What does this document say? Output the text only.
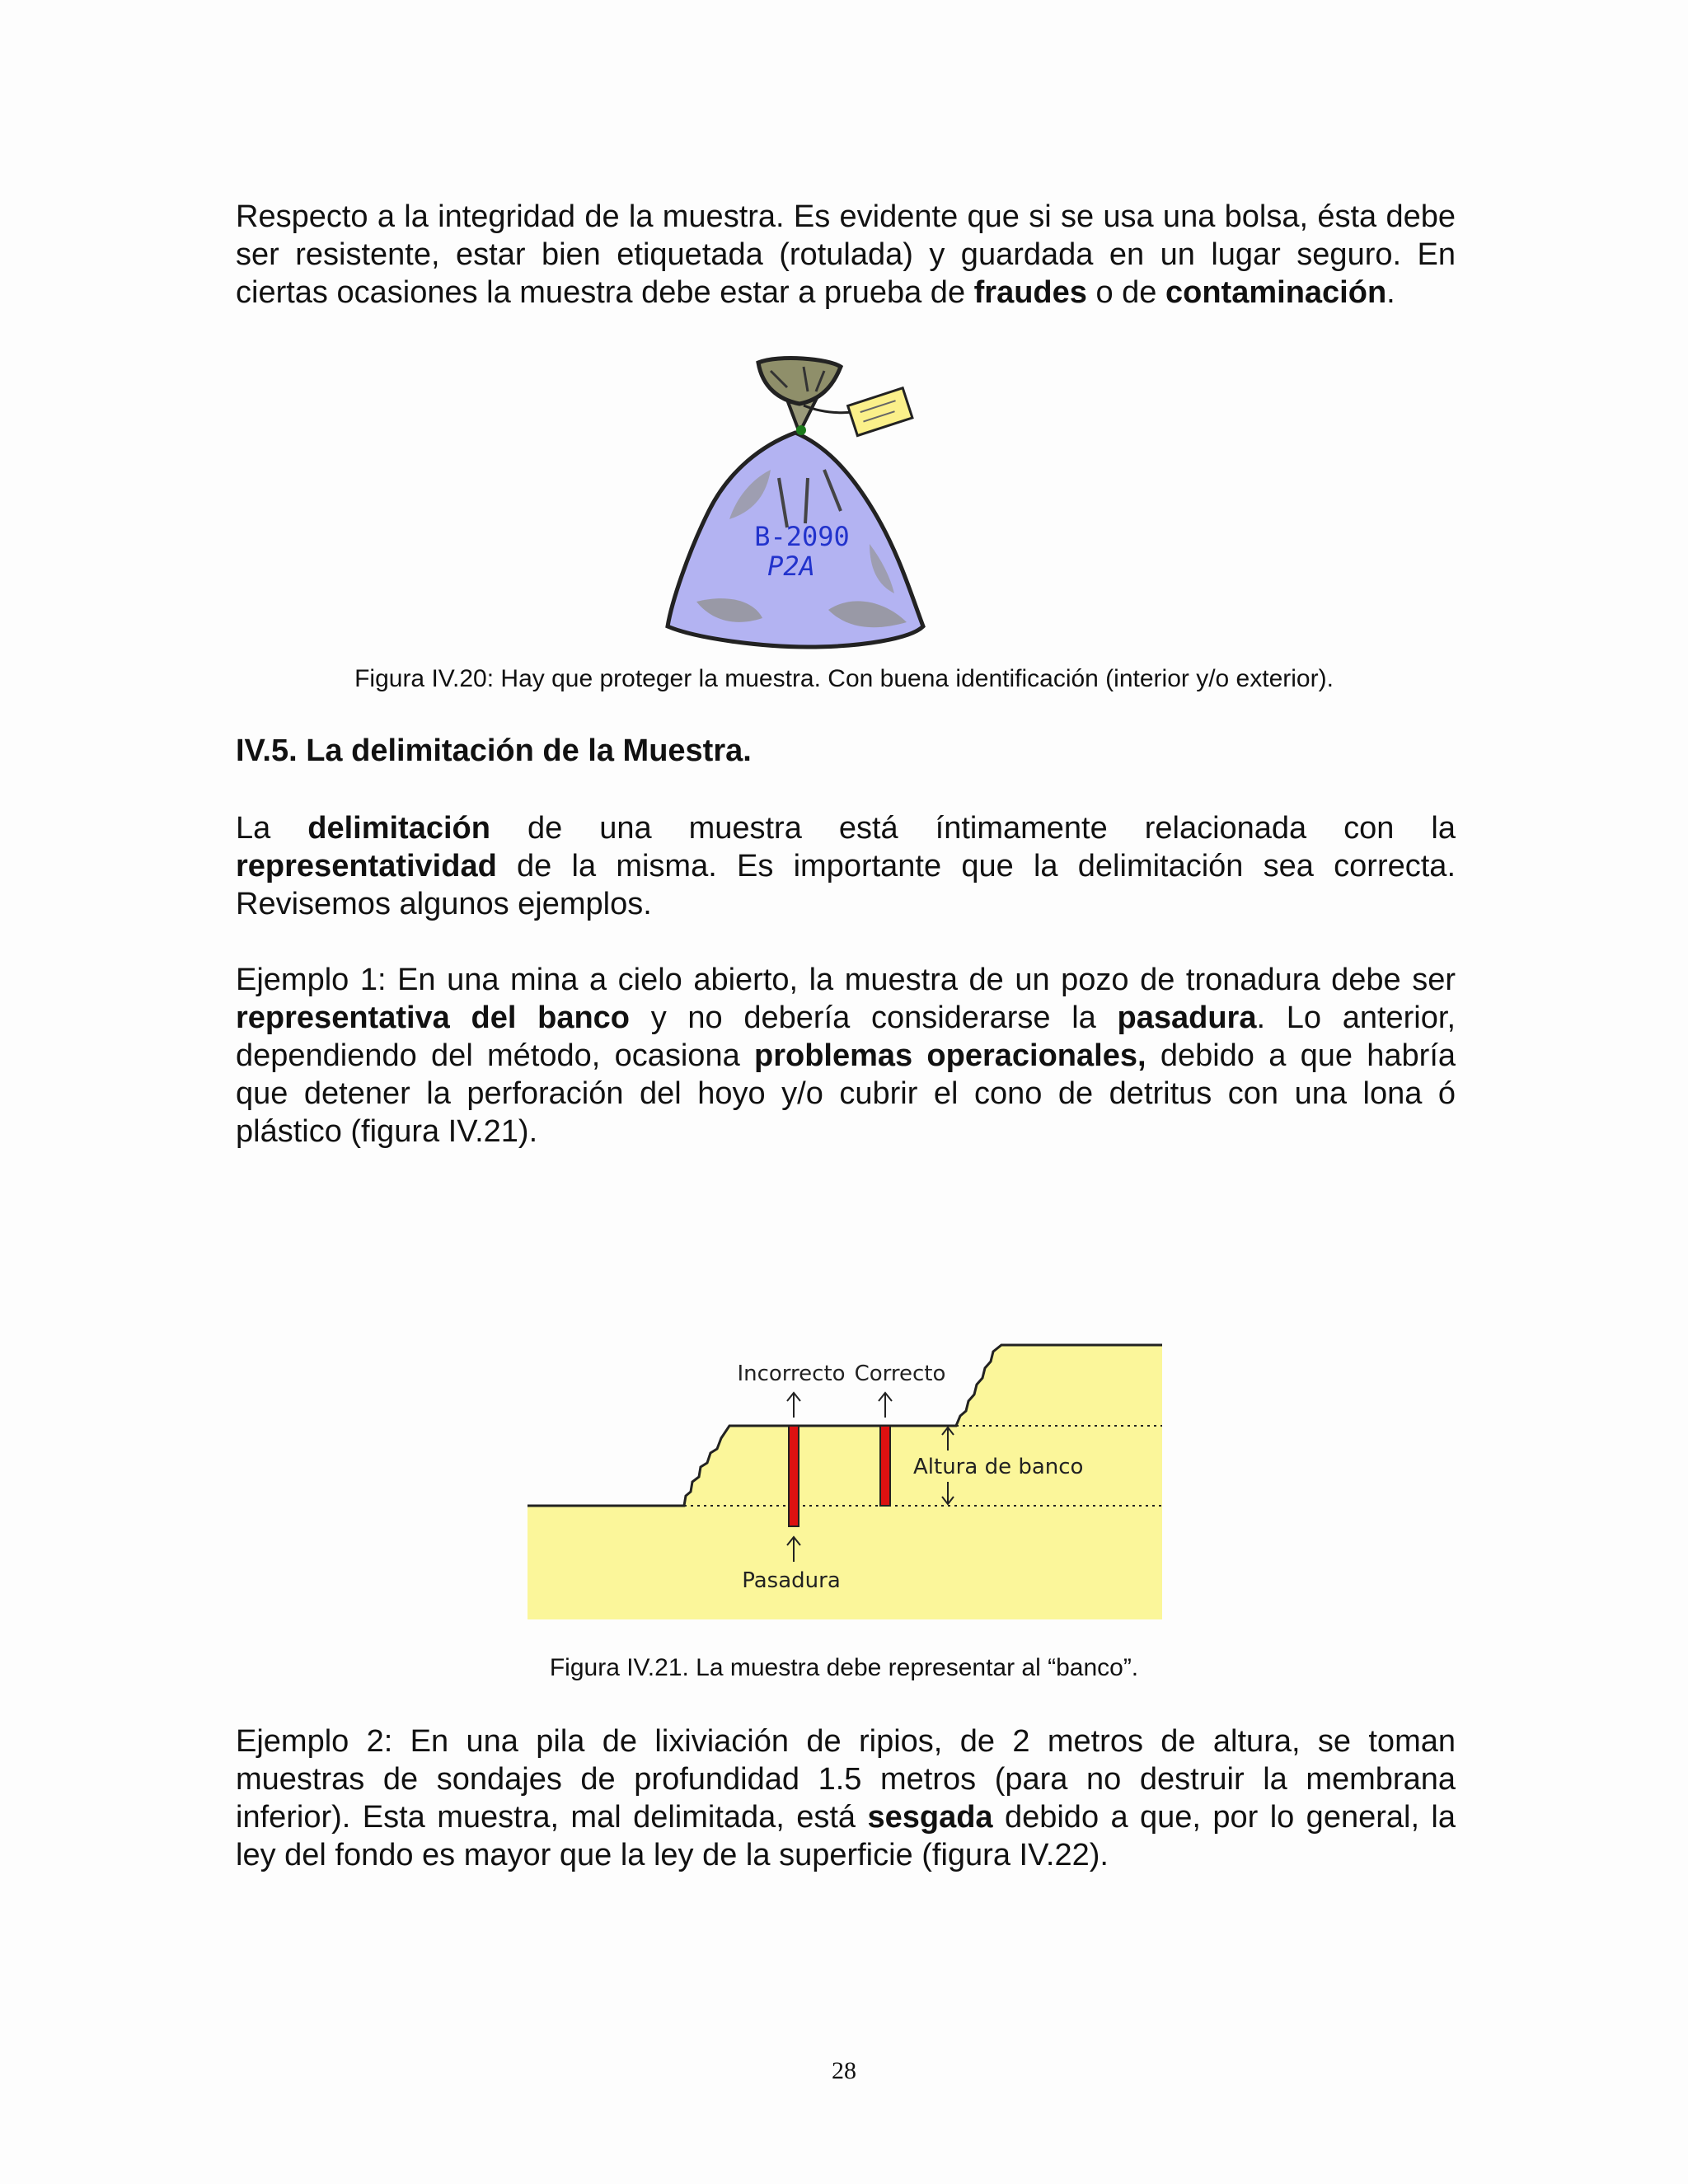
Respecto a la integridad de la muestra. Es evidente que si se usa una bolsa, ésta debe ser resistente, estar bien etiquetada (rotulada) y guardada en un lugar seguro. En ciertas ocasiones la muestra debe estar a prueba de fraudes o de contaminación.

B-2090
P2A

Figura IV.20: Hay que proteger la muestra. Con buena identificación (interior y/o exterior).

IV.5. La delimitación de la Muestra.

La delimitación de una muestra está íntimamente relacionada con la representatividad de la misma. Es importante que la delimitación sea correcta. Revisemos algunos ejemplos.

Ejemplo 1: En una mina a cielo abierto, la muestra de un pozo de tronadura debe ser representativa del banco y no debería considerarse la pasadura. Lo anterior, dependiendo del método, ocasiona problemas operacionales, debido a que habría que detener la perforación del hoyo y/o cubrir el cono de detritus con una lona ó plástico (figura IV.21).

Incorrecto Correcto
Altura de banco
Pasadura

Figura IV.21. La muestra debe representar al “banco”.

Ejemplo 2: En una pila de lixiviación de ripios, de 2 metros de altura, se toman muestras de sondajes de profundidad 1.5 metros (para no destruir la membrana inferior). Esta muestra, mal delimitada, está sesgada debido a que, por lo general, la ley del fondo es mayor que la ley de la superficie (figura IV.22).

28
